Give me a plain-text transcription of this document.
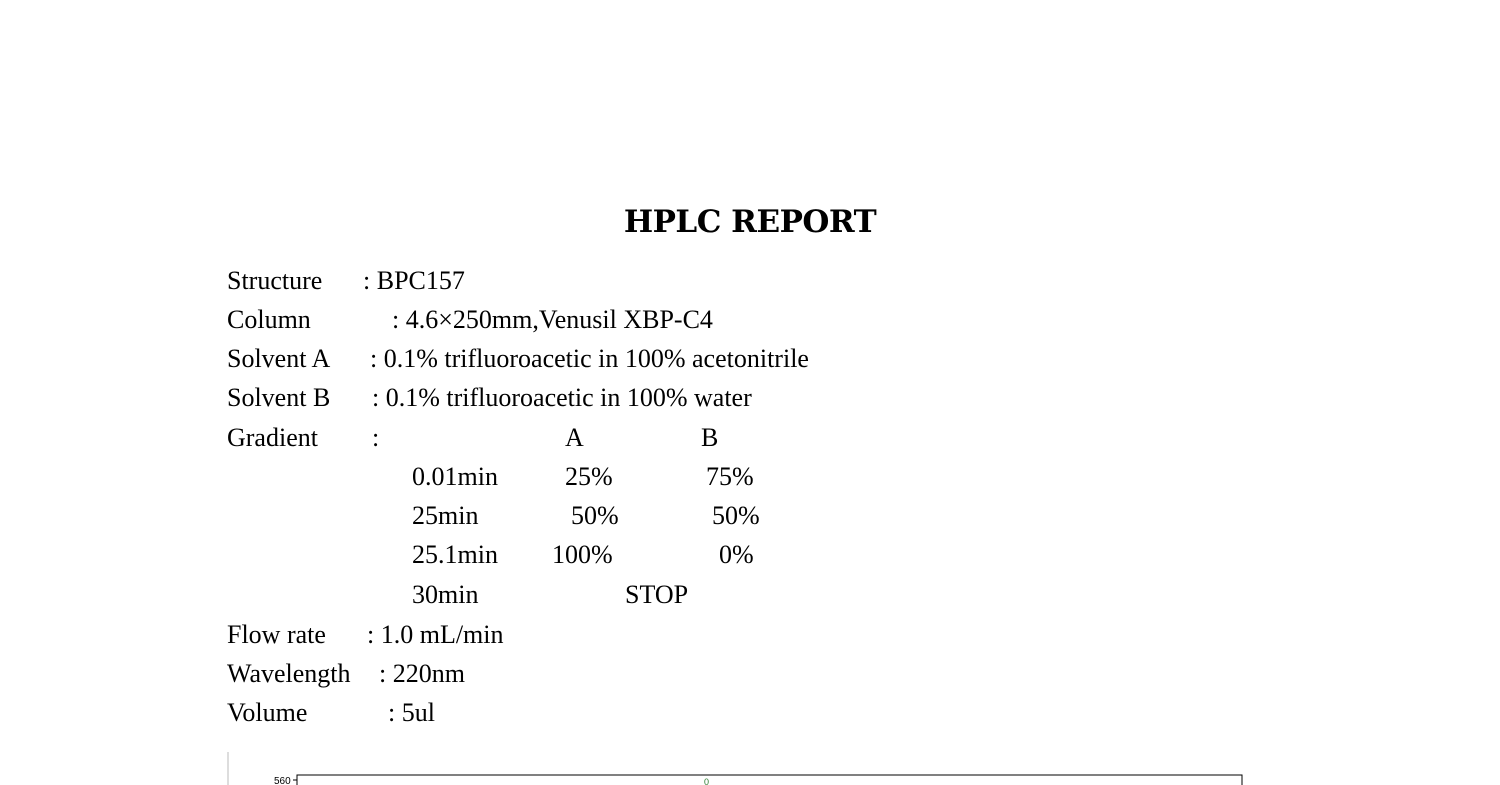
HPLC REPORT
Structure : BPC157
Column	: 4.6×250mm,Venusil XBP-C4
Solvent A : 0.1% trifluoroacetic in 100% acetonitrile
Solvent B : 0.1% trifluoroacetic in 100% water
Gradient :	A	B
0.01min	25%	75%
25min	50%	50%
25.1min 100%	0%
30min	STOP
Flow rate : 1.0 mL/min
Wavelength : 220nm
Volume	: 5ul
560	0
